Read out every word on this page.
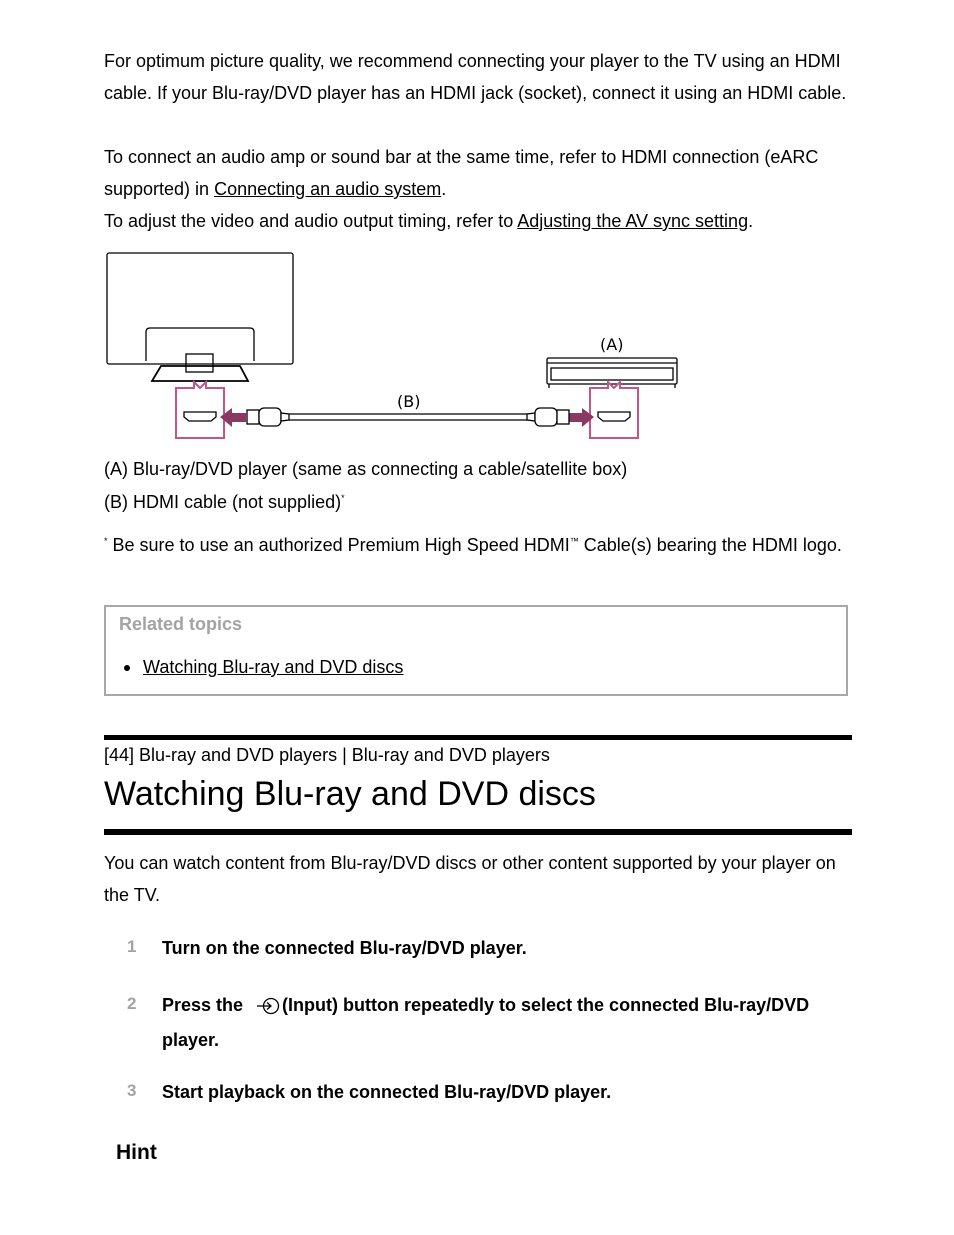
For optimum picture quality, we recommend connecting your player to the TV using an HDMI cable. If your Blu-ray/DVD player has an HDMI jack (socket), connect it using an HDMI cable.

To connect an audio amp or sound bar at the same time, refer to HDMI connection (eARC supported) in Connecting an audio system.

To adjust the video and audio output timing, refer to Adjusting the AV sync setting.

(A)
(B)

(A) Blu-ray/DVD player (same as connecting a cable/satellite box)

(B) HDMI cable (not supplied)*

* Be sure to use an authorized Premium High Speed HDMI™ Cable(s) bearing the HDMI logo.

Related topics
Watching Blu-ray and DVD discs
[44] Blu-ray and DVD players | Blu-ray and DVD players
Watching Blu-ray and DVD discs

You can watch content from Blu-ray/DVD discs or other content supported by your player on the TV.

1 Turn on the connected Blu-ray/DVD player.
2 Press the (Input) button repeatedly to select the connected Blu-ray/DVD player.
3 Start playback on the connected Blu-ray/DVD player.
Hint
